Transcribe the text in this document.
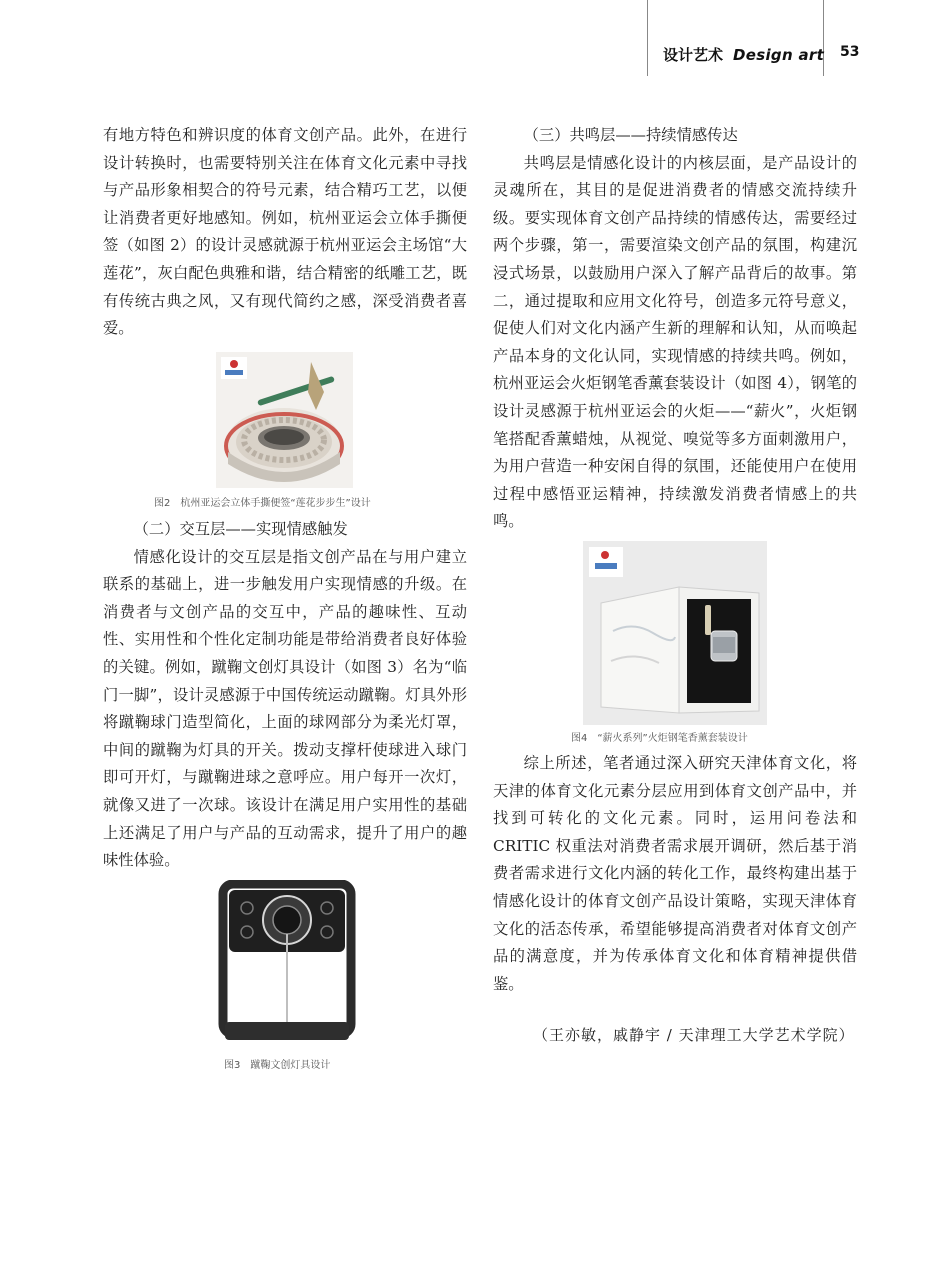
设计艺术 Design art 53

有地方特色和辨识度的体育文创产品。此外，在进行设计转换时，也需要特别关注在体育文化元素中寻找与产品形象相契合的符号元素，结合精巧工艺，以便让消费者更好地感知。例如，杭州亚运会立体手撕便签（如图 2）的设计灵感就源于杭州亚运会主场馆“大莲花”，灰白配色典雅和谐，结合精密的纸雕工艺，既有传统古典之风，又有现代简约之感，深受消费者喜爱。

图2　杭州亚运会立体手撕便签“莲花步步生”设计

（二）交互层——实现情感触发

情感化设计的交互层是指文创产品在与用户建立联系的基础上，进一步触发用户实现情感的升级。在消费者与文创产品的交互中，产品的趣味性、互动性、实用性和个性化定制功能是带给消费者良好体验的关键。例如，蹴鞠文创灯具设计（如图 3）名为“临门一脚”，设计灵感源于中国传统运动蹴鞠。灯具外形将蹴鞠球门造型简化，上面的球网部分为柔光灯罩，中间的蹴鞠为灯具的开关。拨动支撑杆使球进入球门即可开灯，与蹴鞠进球之意呼应。用户每开一次灯，就像又进了一次球。该设计在满足用户实用性的基础上还满足了用户与产品的互动需求，提升了用户的趣味性体验。

图3　蹴鞠文创灯具设计

（三）共鸣层——持续情感传达

共鸣层是情感化设计的内核层面，是产品设计的灵魂所在，其目的是促进消费者的情感交流持续升级。要实现体育文创产品持续的情感传达，需要经过两个步骤，第一，需要渲染文创产品的氛围，构建沉浸式场景，以鼓励用户深入了解产品背后的故事。第二，通过提取和应用文化符号，创造多元符号意义，促使人们对文化内涵产生新的理解和认知，从而唤起产品本身的文化认同，实现情感的持续共鸣。例如，杭州亚运会火炬钢笔香薰套装设计（如图 4），钢笔的设计灵感源于杭州亚运会的火炬——“薪火”，火炬钢笔搭配香薰蜡烛，从视觉、嗅觉等多方面刺激用户，为用户营造一种安闲自得的氛围，还能使用户在使用过程中感悟亚运精神，持续激发消费者情感上的共鸣。

图4　“薪火系列”火炬钢笔香薰套装设计

综上所述，笔者通过深入研究天津体育文化，将天津的体育文化元素分层应用到体育文创产品中，并找到可转化的文化元素。同时，运用问卷法和 CRITIC 权重法对消费者需求展开调研，然后基于消费者需求进行文化内涵的转化工作，最终构建出基于情感化设计的体育文创产品设计策略，实现天津体育文化的活态传承，希望能够提高消费者对体育文创产品的满意度，并为传承体育文化和体育精神提供借鉴。

（王亦敏，戚静宇 / 天津理工大学艺术学院）
